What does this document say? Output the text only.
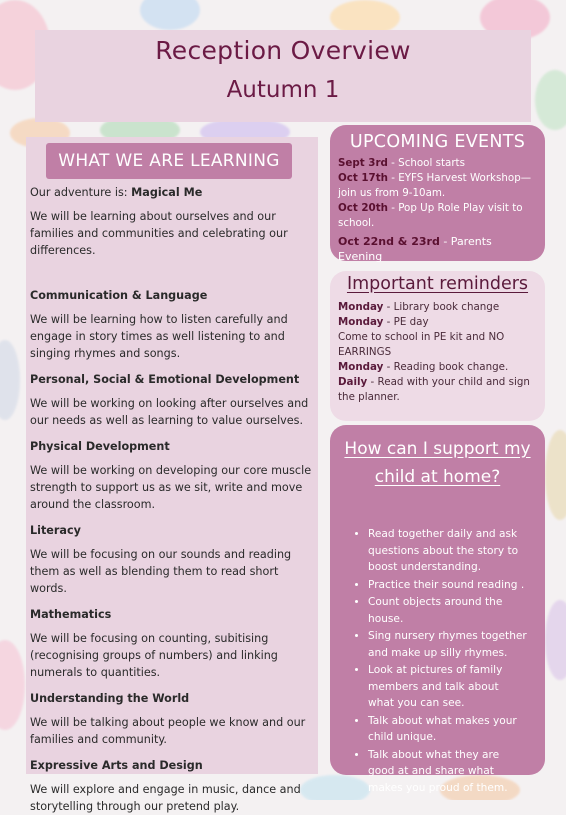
Reception Overview
Autumn 1
WHAT WE ARE LEARNING

Our adventure is: Magical Me

We will be learning about ourselves and our families and communities and celebrating our differences.

Communication & Language

We will be learning how to listen carefully and engage in story times as well listening to and singing rhymes and songs.

Personal, Social & Emotional Development

We will be working on looking after ourselves and our needs as well as learning to value ourselves.

Physical Development

We will be working on developing our core muscle strength to support us as we sit, write and move around the classroom.

Literacy

We will be focusing on our sounds and reading them as well as blending them to read short words.

Mathematics

We will be focusing on counting, subitising (recognising groups of numbers) and linking numerals to quantities.

Understanding the World

We will be talking about people we know and our families and community.

Expressive Arts and Design

We will explore and engage in music, dance and storytelling through our pretend play.

UPCOMING EVENTS
Sept 3rd - School starts
Oct 17th - EYFS Harvest Workshop—join us from 9-10am.
Oct 20th - Pop Up Role Play visit to school.
Oct 22nd & 23rd - Parents Evening
Important reminders
Monday - Library book change
Monday - PE day
Come to school in PE kit and NO EARRINGS
Monday - Reading book change.
Daily - Read with your child and sign the planner.
How can I support my child at home?
• Read together daily and ask questions about the story to boost understanding.
• Practice their sound reading .
• Count objects around the house.
• Sing nursery rhymes together and make up silly rhymes.
• Look at pictures of family members and talk about what you can see.
• Talk about what makes your child unique.
• Talk about what they are good at and share what makes you proud of them.
